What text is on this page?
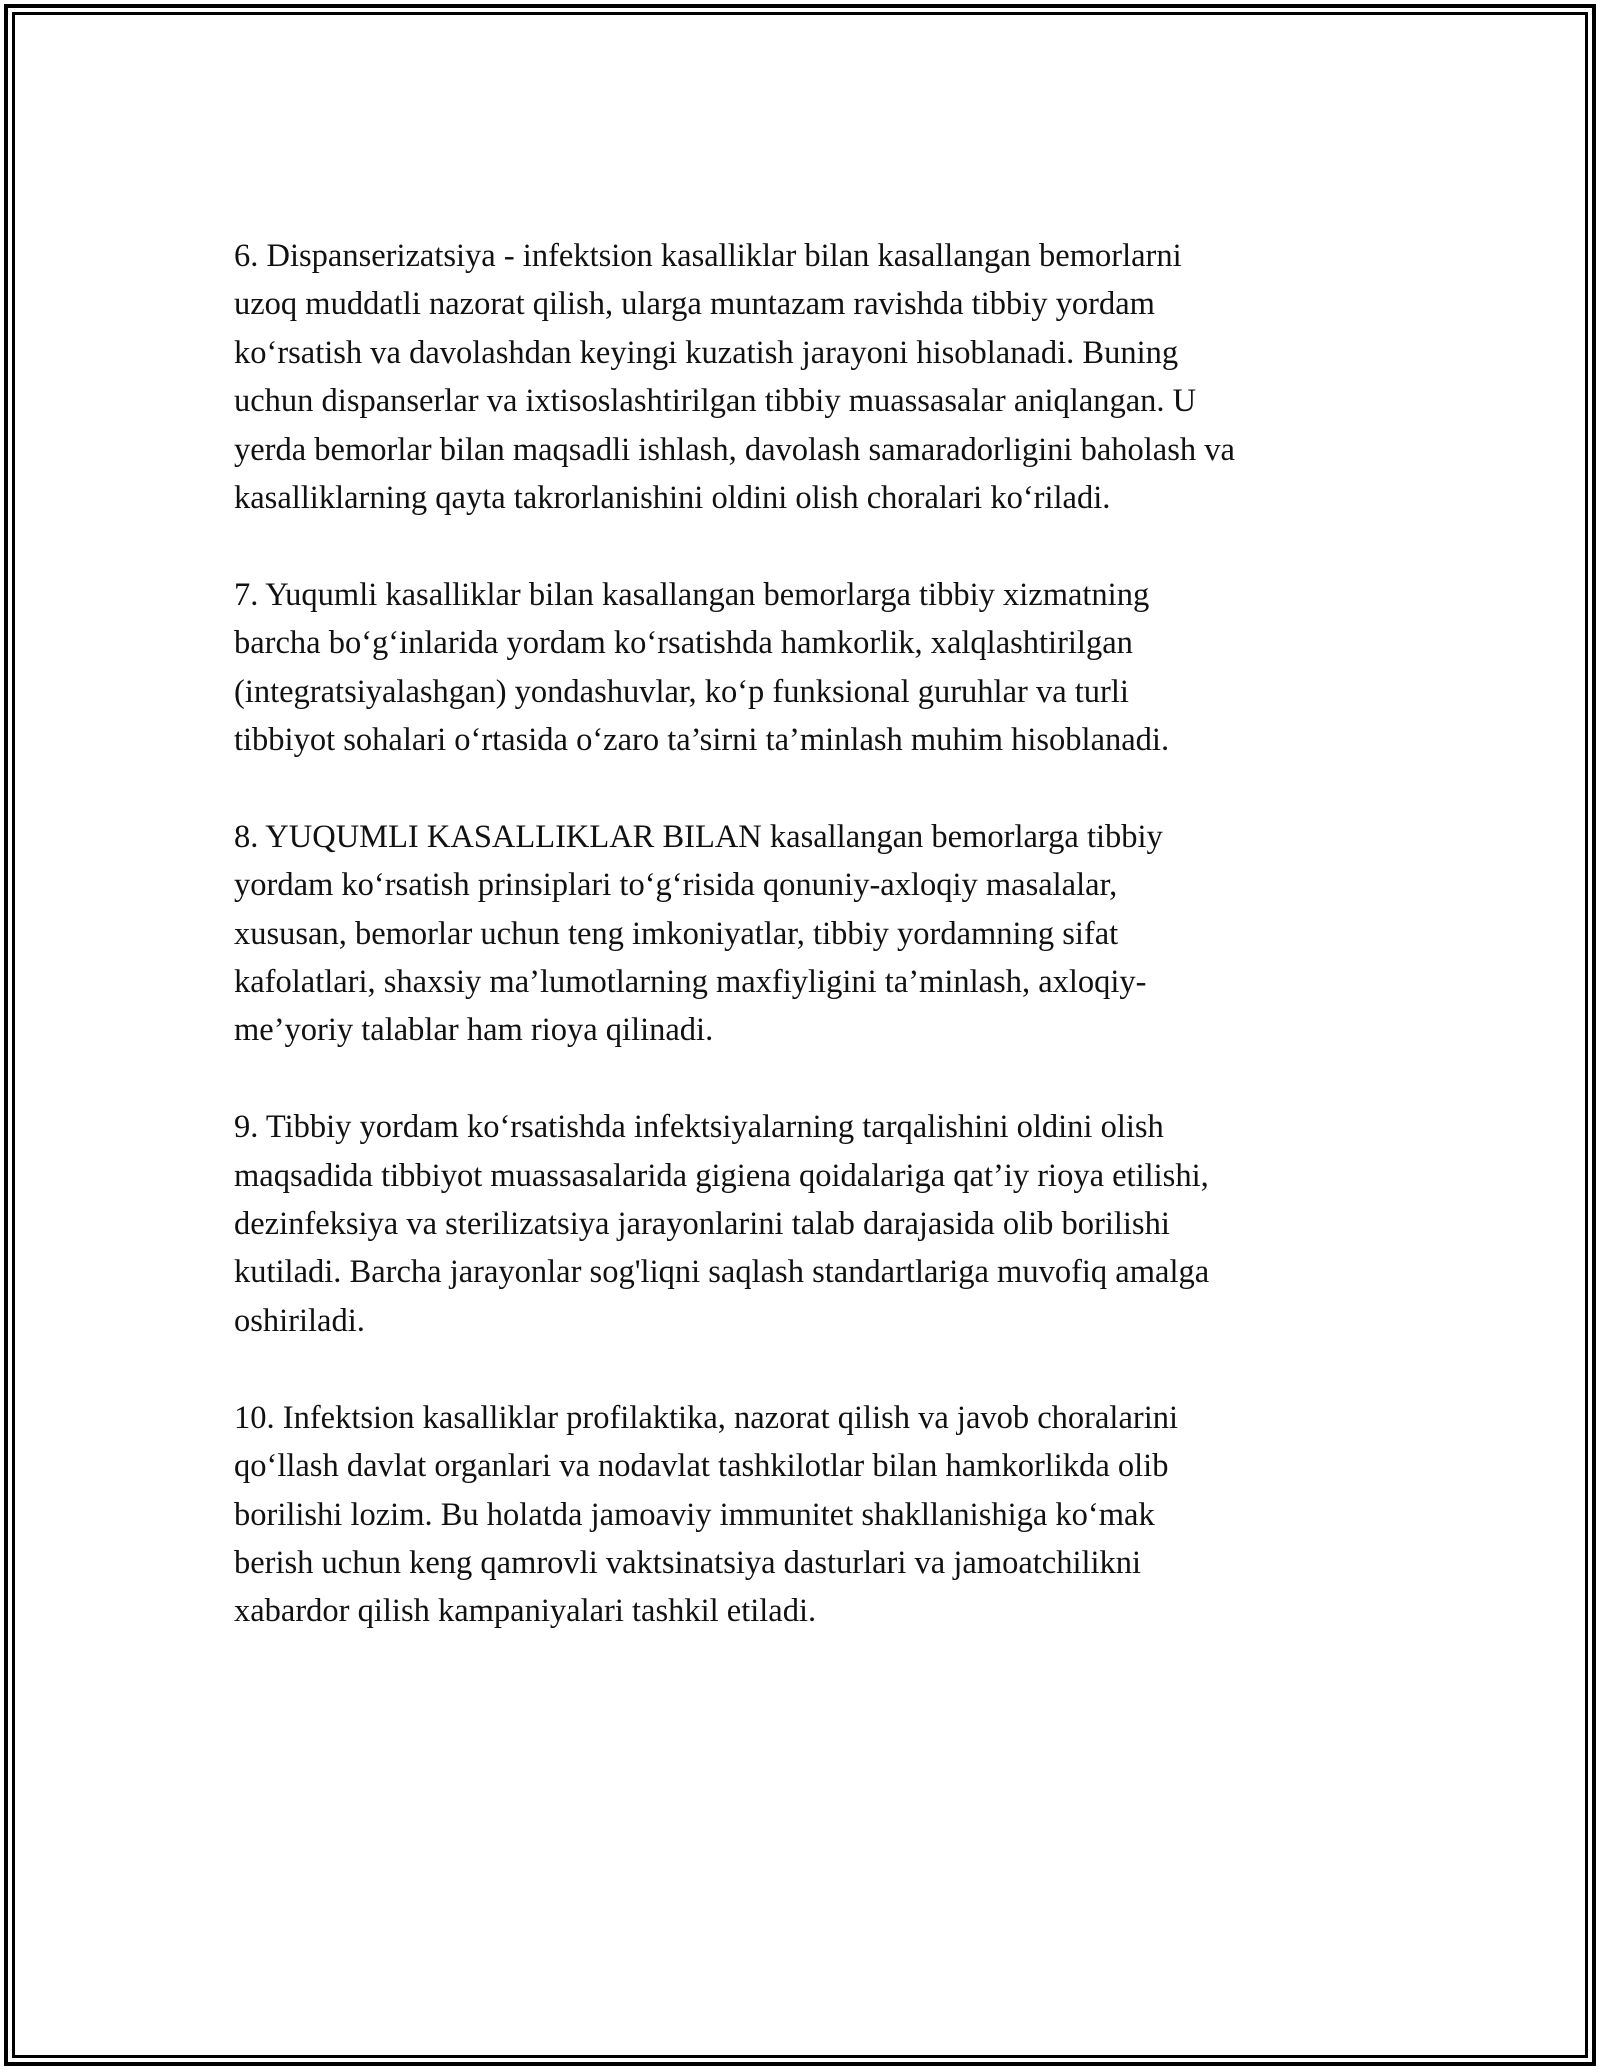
6. Dispanserizatsiya - infektsion kasalliklar bilan kasallangan bemorlarni
uzoq muddatli nazorat qilish, ularga muntazam ravishda tibbiy yordam
ko‘rsatish va davolashdan keyingi kuzatish jarayoni hisoblanadi. Buning
uchun dispanserlar va ixtisoslashtirilgan tibbiy muassasalar aniqlangan. U
yerda bemorlar bilan maqsadli ishlash, davolash samaradorligini baholash va
kasalliklarning qayta takrorlanishini oldini olish choralari ko‘riladi.

7. Yuqumli kasalliklar bilan kasallangan bemorlarga tibbiy xizmatning
barcha bo‘g‘inlarida yordam ko‘rsatishda hamkorlik, xalqlashtirilgan
(integratsiyalashgan) yondashuvlar, ko‘p funksional guruhlar va turli
tibbiyot sohalari o‘rtasida o‘zaro ta’sirni ta’minlash muhim hisoblanadi.

8. YUQUMLI KASALLIKLAR BILAN kasallangan bemorlarga tibbiy
yordam ko‘rsatish prinsiplari to‘g‘risida qonuniy-axloqiy masalalar,
xususan, bemorlar uchun teng imkoniyatlar, tibbiy yordamning sifat
kafolatlari, shaxsiy ma’lumotlarning maxfiyligini ta’minlash, axloqiy-
me’yoriy talablar ham rioya qilinadi.

9. Tibbiy yordam ko‘rsatishda infektsiyalarning tarqalishini oldini olish
maqsadida tibbiyot muassasalarida gigiena qoidalariga qat’iy rioya etilishi,
dezinfeksiya va sterilizatsiya jarayonlarini talab darajasida olib borilishi
kutiladi. Barcha jarayonlar sog'liqni saqlash standartlariga muvofiq amalga
oshiriladi.

10. Infektsion kasalliklar profilaktika, nazorat qilish va javob choralarini
qo‘llash davlat organlari va nodavlat tashkilotlar bilan hamkorlikda olib
borilishi lozim. Bu holatda jamoaviy immunitet shakllanishiga ko‘mak
berish uchun keng qamrovli vaktsinatsiya dasturlari va jamoatchilikni
xabardor qilish kampaniyalari tashkil etiladi.
